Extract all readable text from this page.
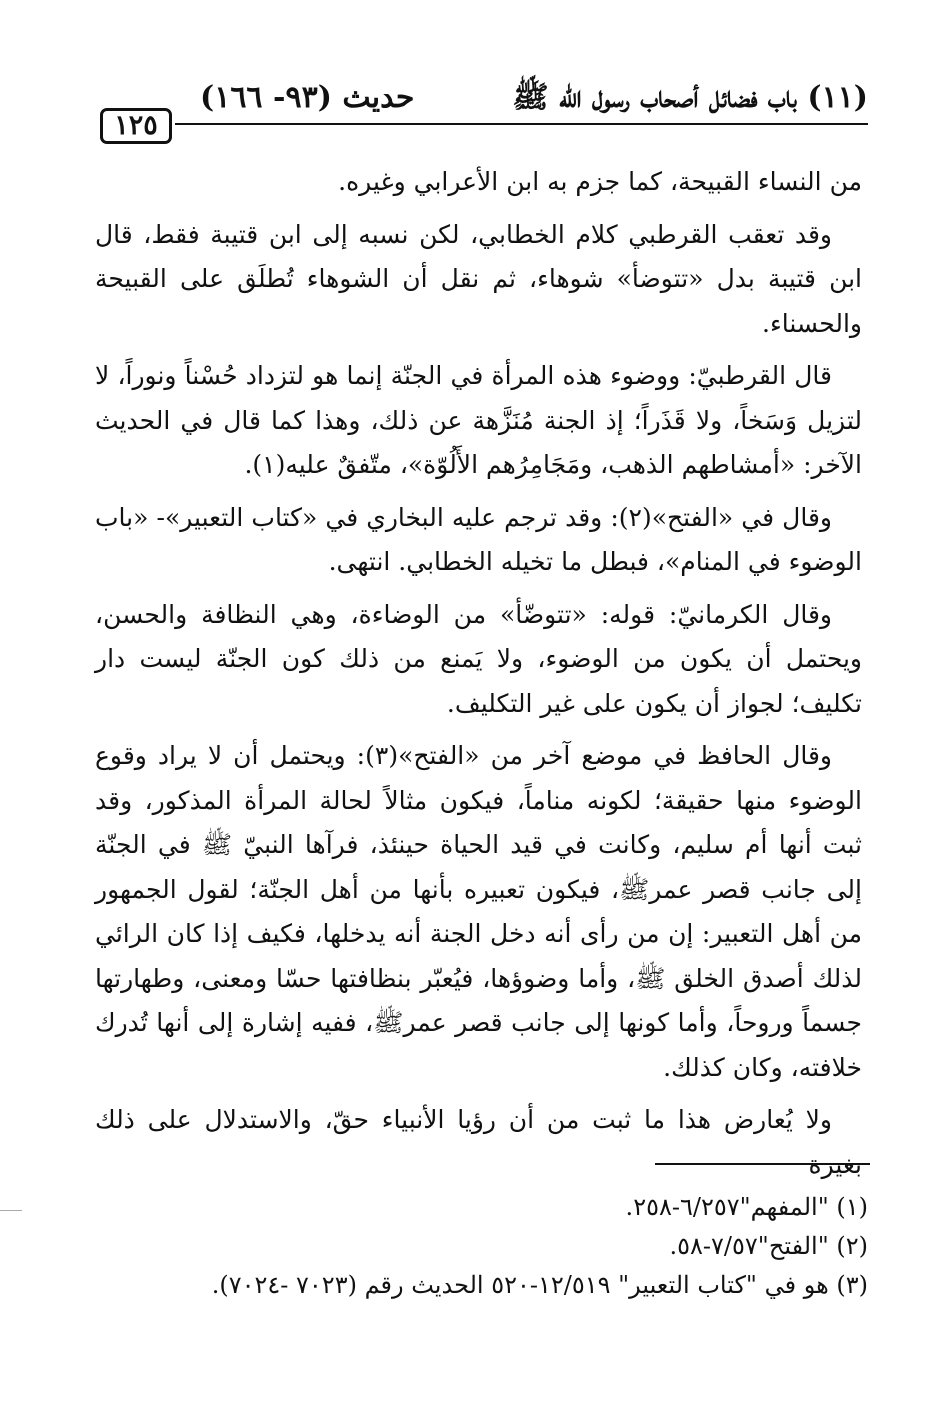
(١١) باب فضائل أصحاب رسول الله ﷺ
حديث (٩٣- ١٦٦)
١٢٥

من النساء القبيحة، كما جزم به ابن الأعرابي وغيره.

وقد تعقب القرطبي كلام الخطابي، لكن نسبه إلى ابن قتيبة فقط، قال ابن قتيبة بدل «تتوضأ» شوهاء، ثم نقل أن الشوهاء تُطلَق على القبيحة والحسناء.

قال القرطبيّ: ووضوء هذه المرأة في الجنّة إنما هو لتزداد حُسْناً ونوراً، لا لتزيل وَسَخاً، ولا قَذَراً؛ إذ الجنة مُنَزَّهة عن ذلك، وهذا كما قال في الحديث الآخر: «أمشاطهم الذهب، ومَجَامِرُهم الأَلُوّة»، متّفقٌ عليه(١).

وقال في «الفتح»(٢): وقد ترجم عليه البخاري في «كتاب التعبير»- «باب الوضوء في المنام»، فبطل ما تخيله الخطابي. انتهى.

وقال الكرمانيّ: قوله: «تتوضّأ» من الوضاءة، وهي النظافة والحسن، ويحتمل أن يكون من الوضوء، ولا يَمنع من ذلك كون الجنّة ليست دار تكليف؛ لجواز أن يكون على غير التكليف.

وقال الحافظ في موضع آخر من «الفتح»(٣): ويحتمل أن لا يراد وقوع الوضوء منها حقيقة؛ لكونه مناماً، فيكون مثالاً لحالة المرأة المذكور، وقد ثبت أنها أم سليم، وكانت في قيد الحياة حينئذ، فرآها النبيّ ﷺ في الجنّة إلى جانب قصر عمرﷺ، فيكون تعبيره بأنها من أهل الجنّة؛ لقول الجمهور من أهل التعبير: إن من رأى أنه دخل الجنة أنه يدخلها، فكيف إذا كان الرائي لذلك أصدق الخلق ﷺ، وأما وضوؤها، فيُعبّر بنظافتها حسّا ومعنى، وطهارتها جسماً وروحاً، وأما كونها إلى جانب قصر عمرﷺ، ففيه إشارة إلى أنها تُدرك خلافته، وكان كذلك.

ولا يُعارض هذا ما ثبت من أن رؤيا الأنبياء حقّ، والاستدلال على ذلك بغيرة

(١) "المفهم"٦/٢٥٧-٢٥٨.
(٢) "الفتح"٧/٥٧-٥٨.
(٣) هو في "كتاب التعبير" ١٢/٥١٩-٥٢٠ الحديث رقم (٧٠٢٣ -٧٠٢٤).
